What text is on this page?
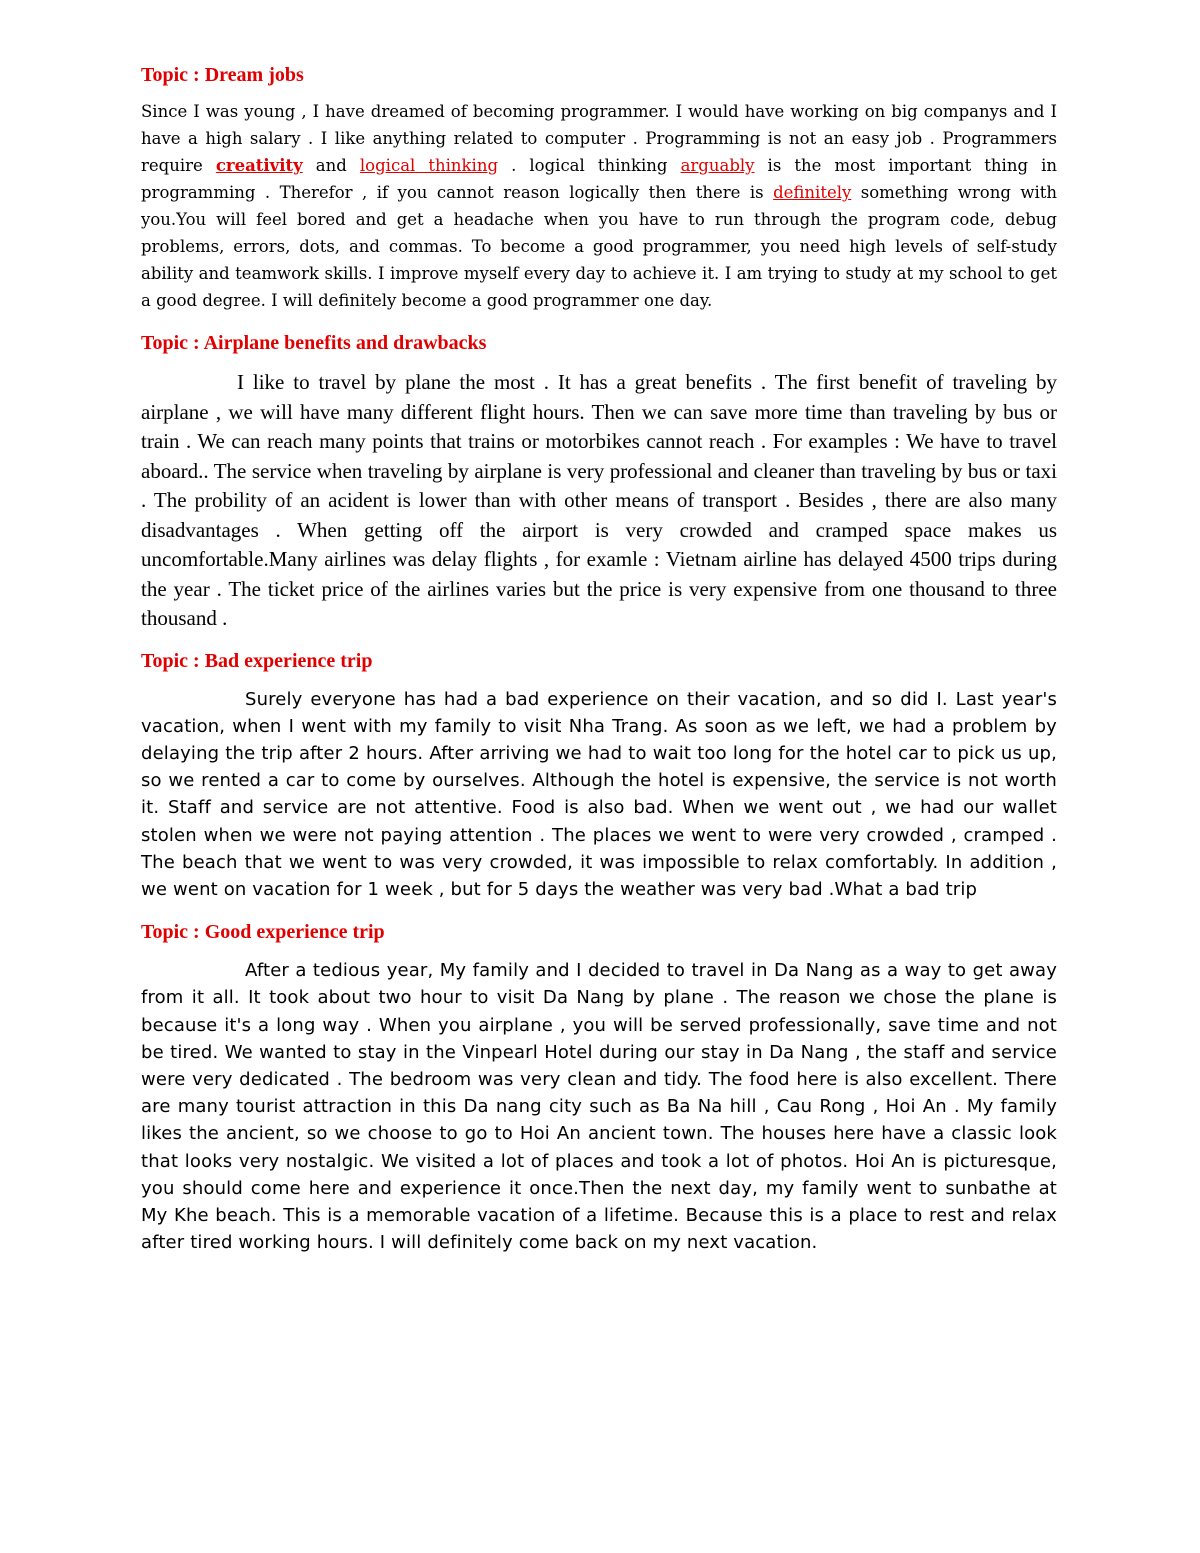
Topic : Dream jobs

Since I was young , I have dreamed of becoming programmer. I would have working on big companys and I have a high salary . I like anything related to computer . Programming is not an easy job . Programmers require creativity and logical thinking . logical thinking arguably is the most important thing in programming . Therefor , if you cannot reason logically then there is definitely something wrong with you.You will feel bored and get a headache when you have to run through the program code, debug problems, errors, dots, and commas. To become a good programmer, you need high levels of self-study ability and teamwork skills. I improve myself every day to achieve it. I am trying to study at my school to get a good degree. I will definitely become a good programmer one day.

Topic : Airplane benefits and drawbacks

I like to travel by plane the most . It has a great benefits . The first benefit of traveling by airplane , we will have many different flight hours. Then we can save more time than traveling by bus or train . We can reach many points that trains or motorbikes cannot reach . For examples : We have to travel aboard.. The service when traveling by airplane is very professional and cleaner than traveling by bus or taxi . The probility of an acident is lower than with other means of transport . Besides , there are also many disadvantages . When getting off the airport is very crowded and cramped space makes us uncomfortable.Many airlines was delay flights , for examle : Vietnam airline has delayed 4500 trips during the year . The ticket price of the airlines varies but the price is very expensive from one thousand to three thousand .

Topic : Bad experience trip

Surely everyone has had a bad experience on their vacation, and so did I. Last year's vacation, when I went with my family to visit Nha Trang. As soon as we left, we had a problem by delaying the trip after 2 hours. After arriving we had to wait too long for the hotel car to pick us up, so we rented a car to come by ourselves. Although the hotel is expensive, the service is not worth it. Staff and service are not attentive. Food is also bad. When we went out , we had our wallet stolen when we were not paying attention . The places we went to were very crowded , cramped . The beach that we went to was very crowded, it was impossible to relax comfortably. In addition , we went on vacation for 1 week , but for 5 days the weather was very bad .What a bad trip

Topic : Good experience trip

After a tedious year, My family and I decided to travel in Da Nang as a way to get away from it all. It took about two hour to visit Da Nang by plane . The reason we chose the plane is because it's a long way . When you airplane , you will be served professionally, save time and not be tired. We wanted to stay in the Vinpearl Hotel during our stay in Da Nang , the staff and service were very dedicated . The bedroom was very clean and tidy. The food here is also excellent. There are many tourist attraction in this Da nang city such as Ba Na hill , Cau Rong , Hoi An . My family likes the ancient, so we choose to go to Hoi An ancient town. The houses here have a classic look that looks very nostalgic. We visited a lot of places and took a lot of photos. Hoi An is picturesque, you should come here and experience it once.Then the next day, my family went to sunbathe at My Khe beach. This is a memorable vacation of a lifetime. Because this is a place to rest and relax after tired working hours. I will definitely come back on my next vacation.
